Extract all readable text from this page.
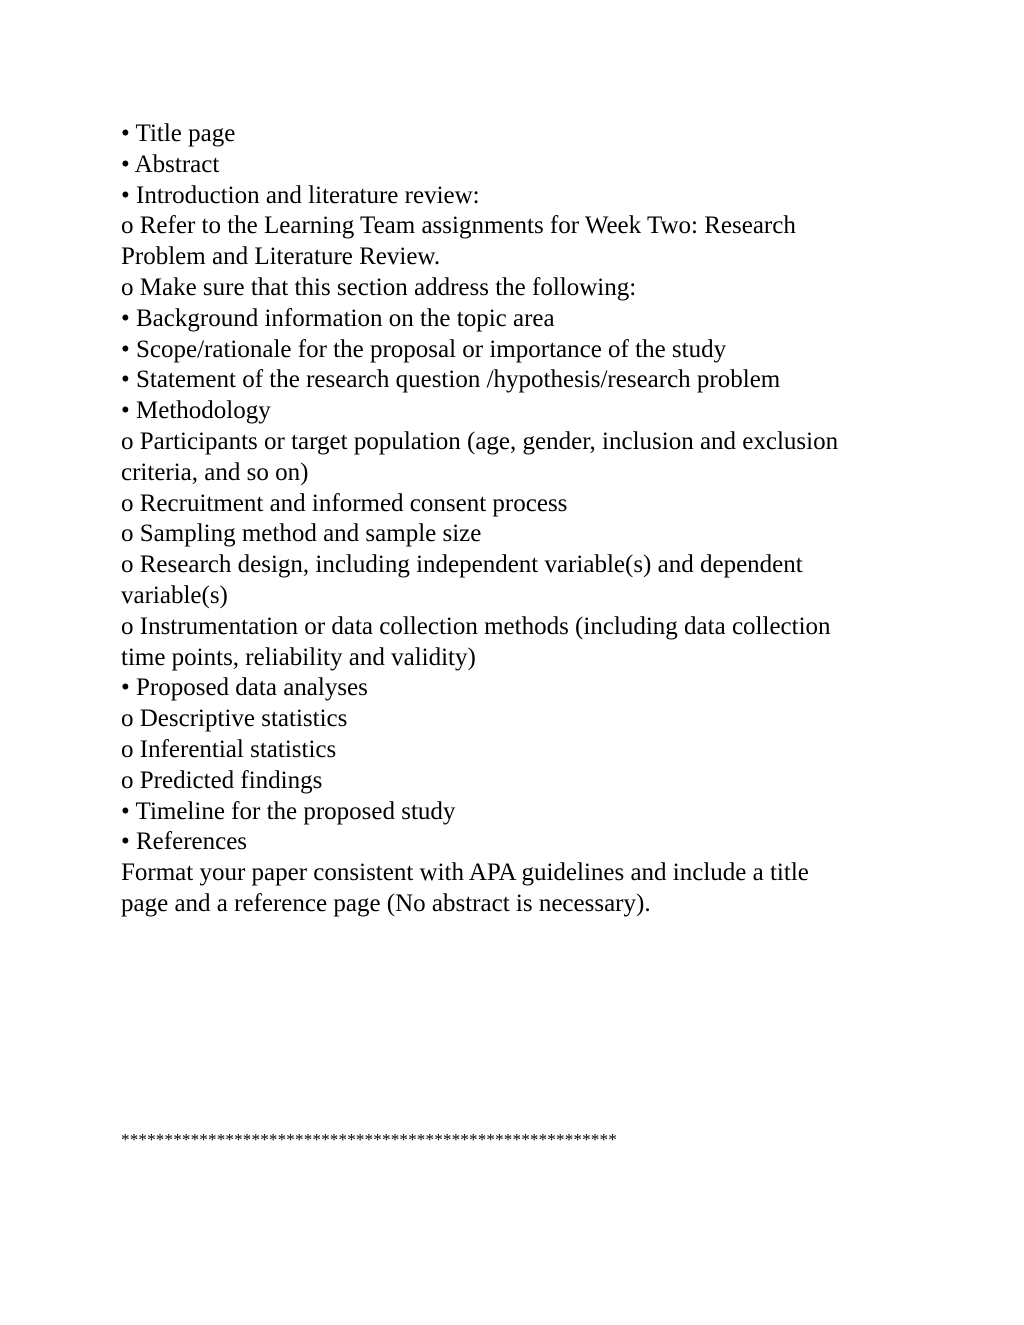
• Title page

• Abstract

• Introduction and literature review:

o Refer to the Learning Team assignments for Week Two: Research

Problem and Literature Review.

o Make sure that this section address the following:

• Background information on the topic area

• Scope/rationale for the proposal or importance of the study

• Statement of the research question /hypothesis/research problem

• Methodology

o Participants or target population (age, gender, inclusion and exclusion

criteria, and so on)

o Recruitment and informed consent process

o Sampling method and sample size

o Research design, including independent variable(s) and dependent

variable(s)

o Instrumentation or data collection methods (including data collection

time points, reliability and validity)

• Proposed data analyses

o Descriptive statistics

o Inferential statistics

o Predicted findings

• Timeline for the proposed study

• References

Format your paper consistent with APA guidelines and include a title

page and a reference page (No abstract is necessary).

*********************************************************
